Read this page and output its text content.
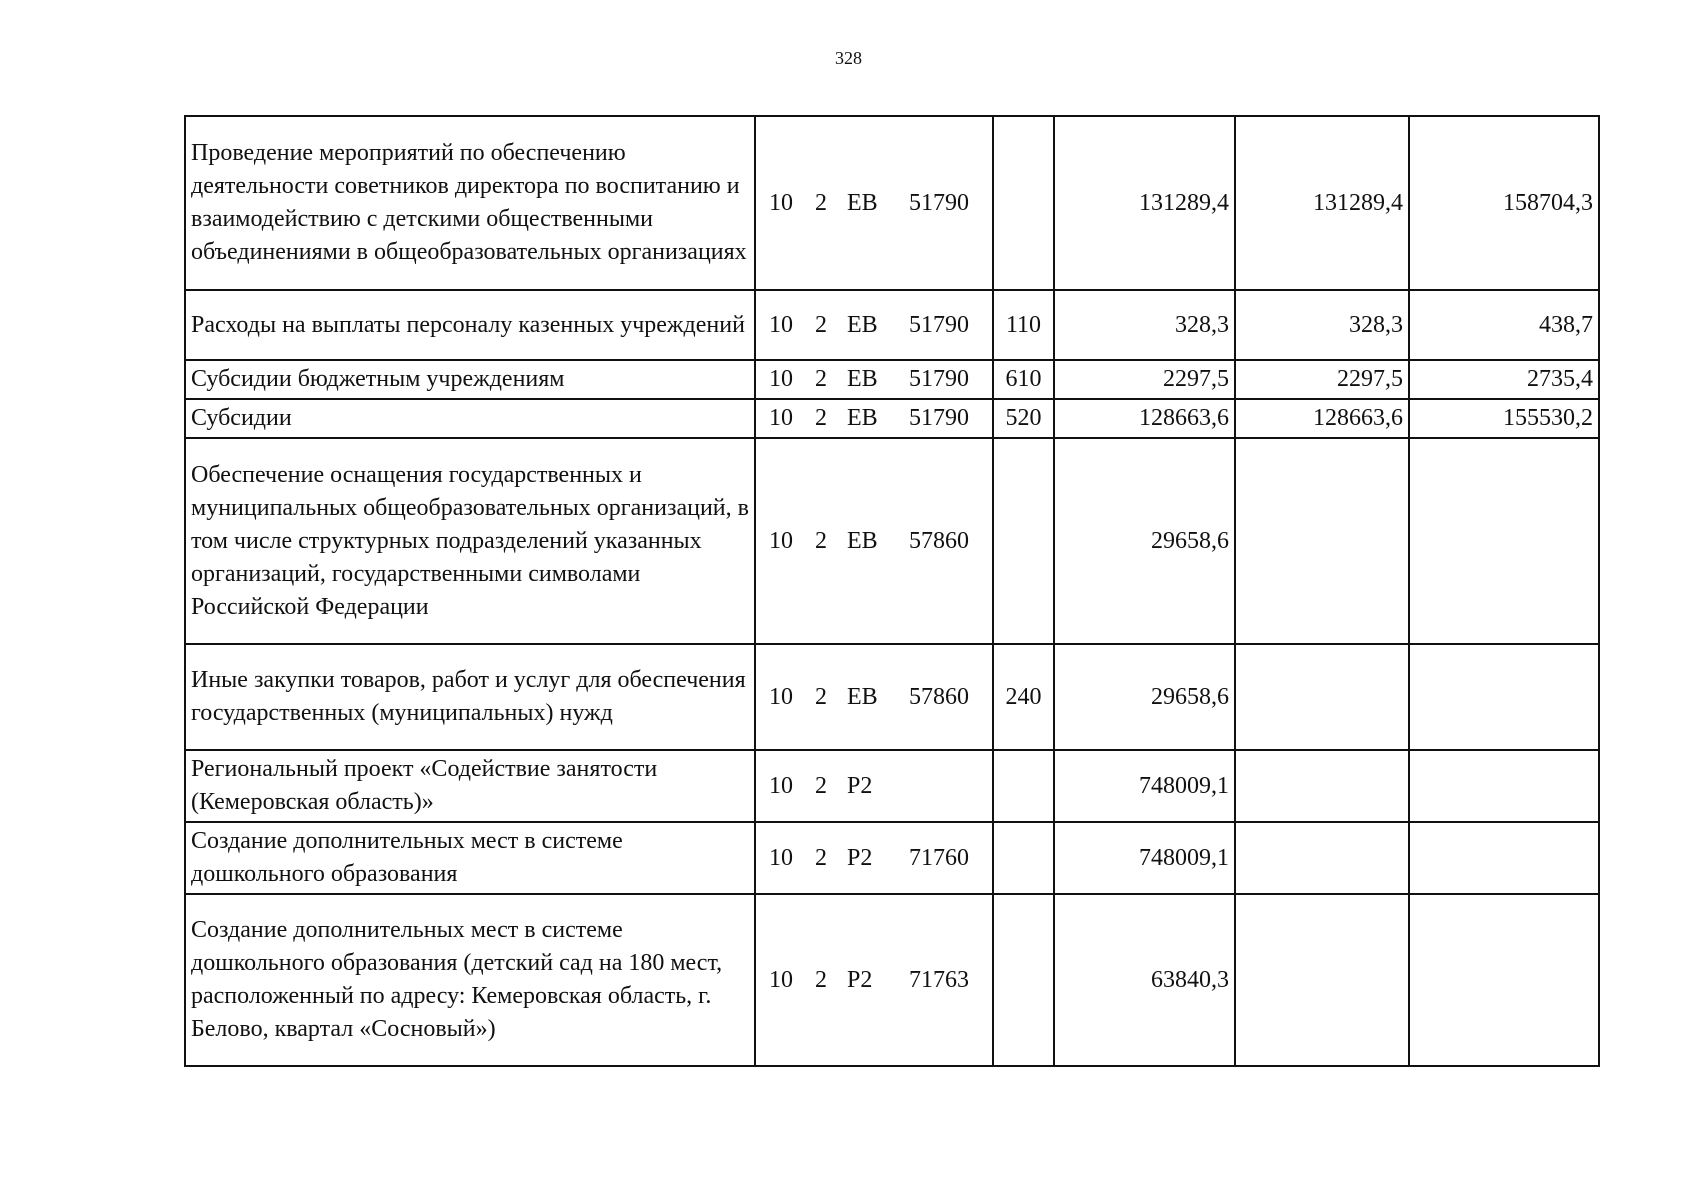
328
Проведение мероприятий по обеспечению деятельности советников директора по воспитанию и взаимодействию с детскими общественными объединениями в общеобразовательных организациях	10 2 ЕВ 51790		131289,4	131289,4	158704,3
Расходы на выплаты персоналу казенных учреждений	10 2 ЕВ 51790	110	328,3	328,3	438,7
Субсидии бюджетным учреждениям	10 2 ЕВ 51790	610	2297,5	2297,5	2735,4
Субсидии	10 2 ЕВ 51790	520	128663,6	128663,6	155530,2
Обеспечение оснащения государственных и муниципальных общеобразовательных организаций, в том числе структурных подразделений указанных организаций, государственными символами Российской Федерации	10 2 ЕВ 57860		29658,6		
Иные закупки товаров, работ и услуг для обеспечения государственных (муниципальных) нужд	10 2 ЕВ 57860	240	29658,6		
Региональный проект «Содействие занятости (Кемеровская область)»	10 2 Р2		748009,1		
Создание дополнительных мест в системе дошкольного образования	10 2 Р2 71760		748009,1		
Создание дополнительных мест в системе дошкольного образования (детский сад на 180 мест, расположенный по адресу: Кемеровская область, г. Белово, квартал «Сосновый»)	10 2 Р2 71763		63840,3		
